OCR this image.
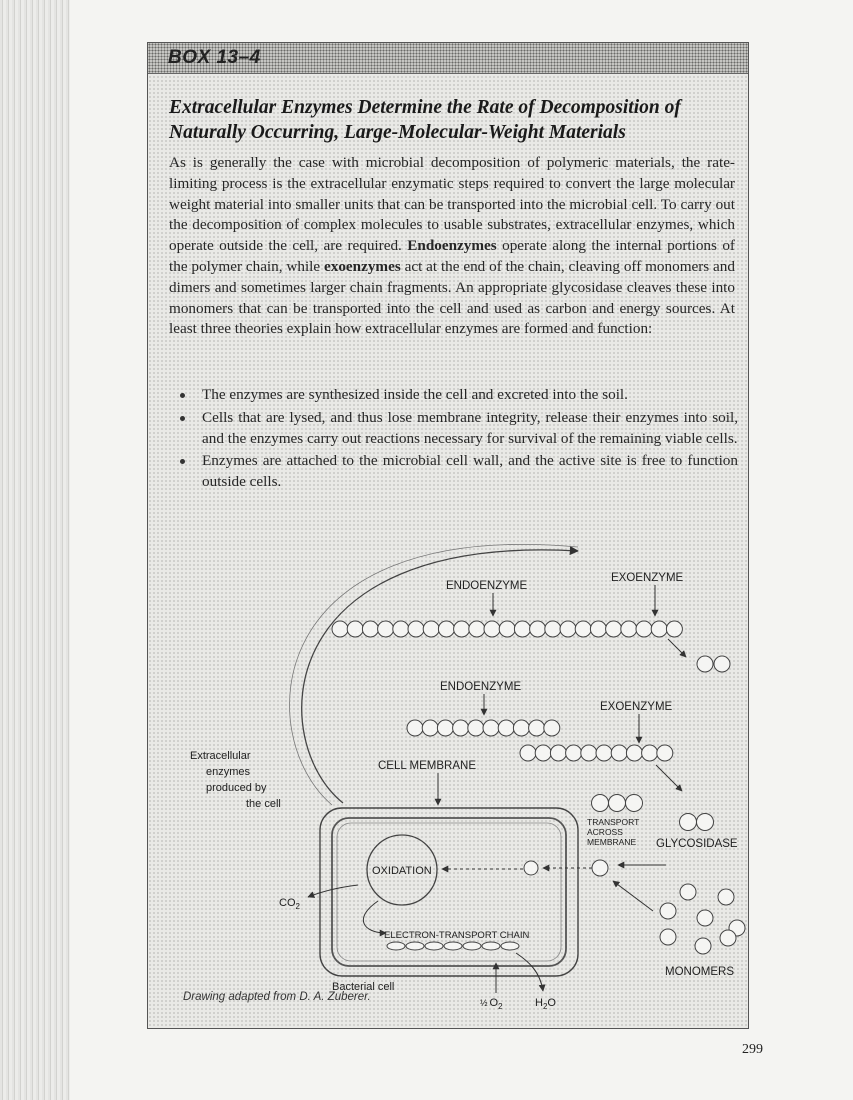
BOX 13–4
Extracellular Enzymes Determine the Rate of Decomposition of Naturally Occurring, Large-Molecular-Weight Materials

As is generally the case with microbial decomposition of polymeric materials, the rate-limiting process is the extracellular enzymatic steps required to convert the large molecular weight material into smaller units that can be transported into the microbial cell. To carry out the decomposition of complex molecules to usable substrates, extracellular enzymes, which operate outside the cell, are required. Endoenzymes operate along the internal portions of the polymer chain, while exoenzymes act at the end of the chain, cleaving off monomers and dimers and sometimes larger chain fragments. An appropriate glycosidase cleaves these into monomers that can be transported into the cell and used as carbon and energy sources. At least three theories explain how extracellular enzymes are formed and function:

The enzymes are synthesized inside the cell and excreted into the soil.
Cells that are lysed, and thus lose membrane integrity, release their enzymes into soil, and the enzymes carry out reactions necessary for survival of the remaining viable cells.
Enzymes are attached to the microbial cell wall, and the active site is free to function outside cells.
ENDOENZYME
EXOENZYME
ENDOENZYME
EXOENZYME
Extracellular
enzymes
produced by
the cell
CELL MEMBRANE
OXIDATION
$CO_2$
ELECTRON-TRANSPORT CHAIN
TRANSPORT
ACROSS
MEMBRANE GLYCOSIDASE
MONOMERS
Bacterial cell
½ $O_2$	$H_2O$
Drawing adapted from D. A. Zuberer.
299
